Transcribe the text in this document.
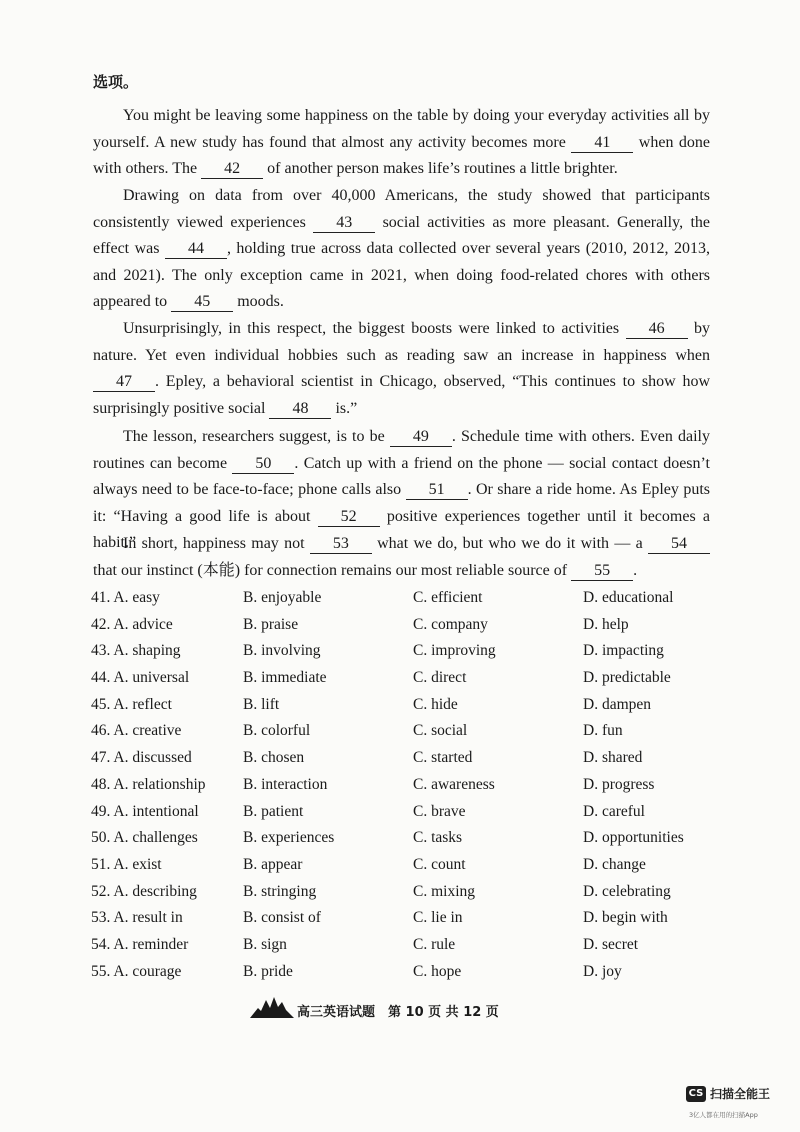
选项。
You might be leaving some happiness on the table by doing your everyday activities all by yourself. A new study has found that almost any activity becomes more 41 when done with others. The 42 of another person makes life’s routines a little brighter.
Drawing on data from over 40,000 Americans, the study showed that participants consistently viewed experiences 43 social activities as more pleasant. Generally, the effect was 44 , holding true across data collected over several years (2010, 2012, 2013, and 2021). The only exception came in 2021, when doing food-related chores with others appeared to 45 moods.
Unsurprisingly, in this respect, the biggest boosts were linked to activities 46 by nature. Yet even individual hobbies such as reading saw an increase in happiness when 47 . Epley, a behavioral scientist in Chicago, observed, “This continues to show how surprisingly positive social 48 is.”
The lesson, researchers suggest, is to be 49 . Schedule time with others. Even daily routines can become 50 . Catch up with a friend on the phone — social contact doesn’t always need to be face-to-face; phone calls also 51 . Or share a ride home. As Epley puts it: “Having a good life is about 52 positive experiences together until it becomes a habit.”
In short, happiness may not 53 what we do, but who we do it with — a 54 that our instinct (本能) for connection remains our most reliable source of 55 .
41. A. easy	B. enjoyable	C. efficient	D. educational
42. A. advice	B. praise	C. company	D. help
43. A. shaping	B. involving	C. improving	D. impacting
44. A. universal	B. immediate	C. direct	D. predictable
45. A. reflect	B. lift	C. hide	D. dampen
46. A. creative	B. colorful	C. social	D. fun
47. A. discussed	B. chosen	C. started	D. shared
48. A. relationship B. interaction	C. awareness	D. progress
49. A. intentional	B. patient	C. brave	D. careful
50. A. challenges	B. experiences	C. tasks	D. opportunities
51. A. exist	B. appear	C. count	D. change
52. A. describing	B. stringing	C. mixing	D. celebrating
53. A. result in	B. consist of	C. lie in	D. begin with
54. A. reminder	B. sign	C. rule	D. secret
55. A. courage	B. pride	C. hope	D. joy
高三英语试题　第 10 页 共 12 页
CS 扫描全能王
3亿人都在用的扫描App
